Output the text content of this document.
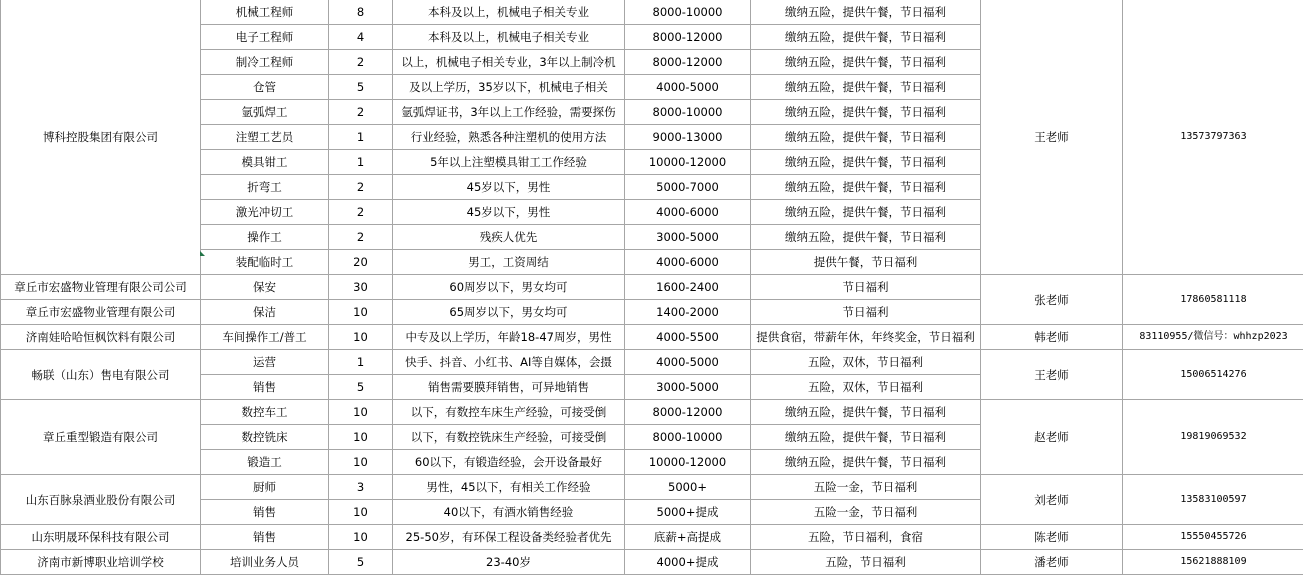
博科控股集团有限公司	机械工程师	8	本科及以上，机械电子相关专业	8000-10000	缴纳五险，提供午餐，节日福利	王老师	13573797363
	电子工程师	4	本科及以上，机械电子相关专业	8000-12000	缴纳五险，提供午餐，节日福利		
	制冷工程师	2	以上，机械电子相关专业，3年以上制冷机	8000-12000	缴纳五险，提供午餐，节日福利		
	仓管	5	及以上学历，35岁以下，机械电子相关	4000-5000	缴纳五险，提供午餐，节日福利		
	氩弧焊工	2	氩弧焊证书，3年以上工作经验，需要探伤	8000-10000	缴纳五险，提供午餐，节日福利		
	注塑工艺员	1	行业经验，熟悉各种注塑机的使用方法	9000-13000	缴纳五险，提供午餐，节日福利		
	模具钳工	1	5年以上注塑模具钳工工作经验	10000-12000	缴纳五险，提供午餐，节日福利		
	折弯工	2	45岁以下，男性	5000-7000	缴纳五险，提供午餐，节日福利		
	激光冲切工	2	45岁以下，男性	4000-6000	缴纳五险，提供午餐，节日福利		
	操作工	2	残疾人优先	3000-5000	缴纳五险，提供午餐，节日福利		
	装配临时工	20	男工，工资周结	4000-6000	提供午餐，节日福利		
章丘市宏盛物业管理有限公司公司	保安	30	60周岁以下，男女均可	1600-2400	节日福利	张老师	17860581118
章丘市宏盛物业管理有限公司	保洁	10	65周岁以下，男女均可	1400-2000	节日福利		
济南娃哈哈恒枫饮料有限公司	车间操作工/普工	10	中专及以上学历，年龄18-47周岁，男性	4000-5500	提供食宿，带薪年休，年终奖金，节日福利	韩老师	83110955/微信号：whhzp2023
畅联（山东）售电有限公司	运营	1	快手、抖音、小红书、AI等自媒体，会摄	4000-5000	五险，双休，节日福利	王老师	15006514276
	销售	5	销售需要膜拜销售，可异地销售	3000-5000	五险，双休，节日福利		
章丘重型锻造有限公司	数控车工	10	以下，有数控车床生产经验，可接受倒	8000-12000	缴纳五险，提供午餐，节日福利	赵老师	19819069532
	数控铣床	10	以下，有数控铣床生产经验，可接受倒	8000-10000	缴纳五险，提供午餐，节日福利		
	锻造工	10	60以下，有锻造经验，会开设备最好	10000-12000	缴纳五险，提供午餐，节日福利		
山东百脉泉酒业股份有限公司	厨师	3	男性，45以下，有相关工作经验	5000+	五险一金，节日福利	刘老师	13583100597
	销售	10	40以下，有酒水销售经验	5000+提成	五险一金，节日福利		
山东明晟环保科技有限公司	销售	10	25-50岁，有环保工程设备类经验者优先	底薪+高提成	五险，节日福利，食宿	陈老师	15550455726
济南市新博职业培训学校	培训业务人员	5	23-40岁	4000+提成	五险，节日福利	潘老师	15621888109
